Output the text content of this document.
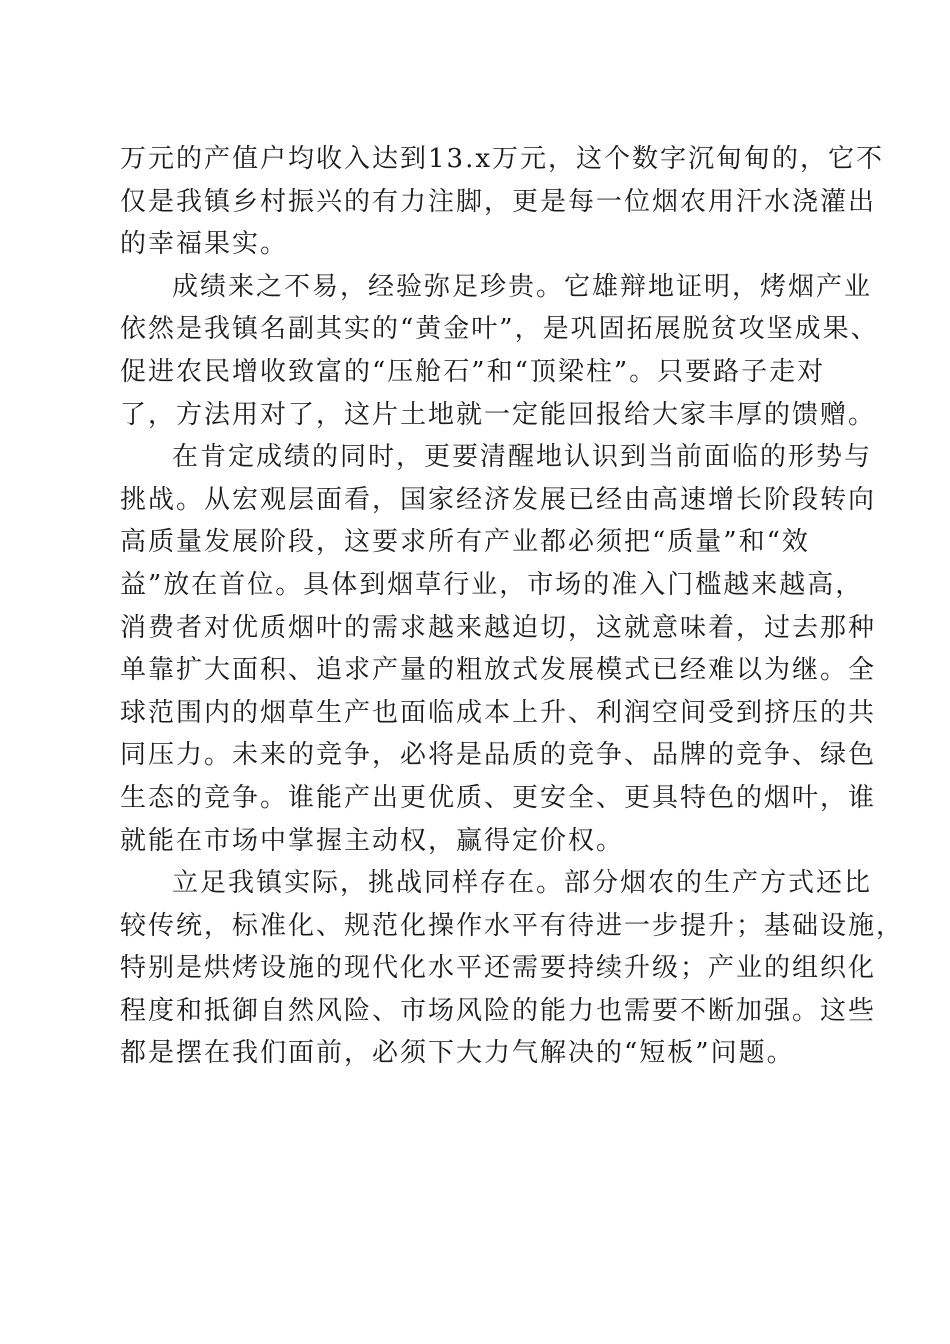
万元的产值户均收入达到13.x万元，这个数字沉甸甸的，它不
仅是我镇乡村振兴的有力注脚，更是每一位烟农用汗水浇灌出
的幸福果实。
成绩来之不易，经验弥足珍贵。它雄辩地证明，烤烟产业
依然是我镇名副其实的“黄金叶”，是巩固拓展脱贫攻坚成果、
促进农民增收致富的“压舱石”和“顶梁柱”。只要路子走对
了，方法用对了，这片土地就一定能回报给大家丰厚的馈赠。
在肯定成绩的同时，更要清醒地认识到当前面临的形势与
挑战。从宏观层面看，国家经济发展已经由高速增长阶段转向
高质量发展阶段，这要求所有产业都必须把“质量”和“效
益”放在首位。具体到烟草行业，市场的准入门槛越来越高，
消费者对优质烟叶的需求越来越迫切，这就意味着，过去那种
单靠扩大面积、追求产量的粗放式发展模式已经难以为继。全
球范围内的烟草生产也面临成本上升、利润空间受到挤压的共
同压力。未来的竞争，必将是品质的竞争、品牌的竞争、绿色
生态的竞争。谁能产出更优质、更安全、更具特色的烟叶，谁
就能在市场中掌握主动权，赢得定价权。
立足我镇实际，挑战同样存在。部分烟农的生产方式还比
较传统，标准化、规范化操作水平有待进一步提升；基础设施，
特别是烘烤设施的现代化水平还需要持续升级；产业的组织化
程度和抵御自然风险、市场风险的能力也需要不断加强。这些
都是摆在我们面前，必须下大力气解决的“短板”问题。
